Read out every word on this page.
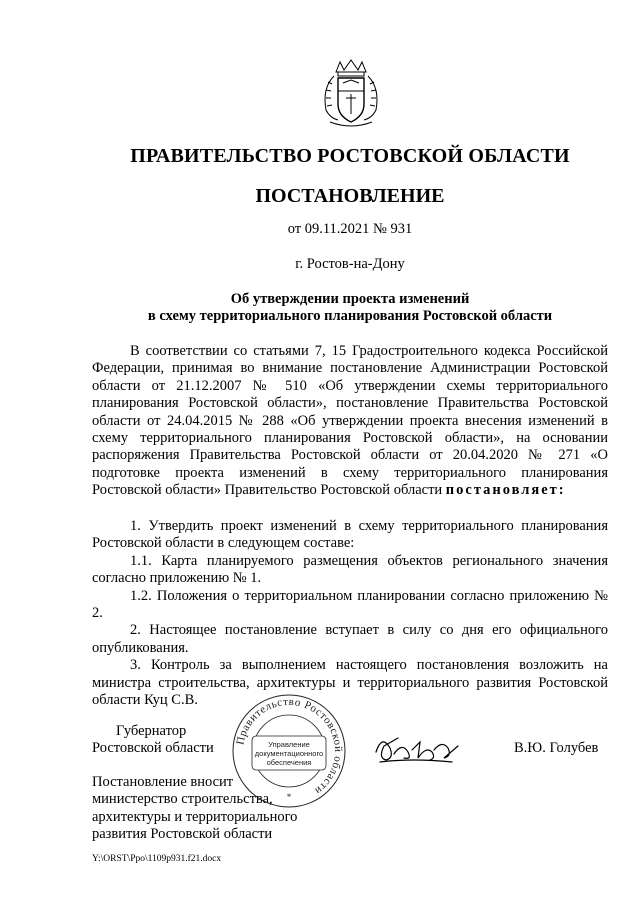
ПРАВИТЕЛЬСТВО РОСТОВСКОЙ ОБЛАСТИ
ПОСТАНОВЛЕНИЕ
от 09.11.2021 № 931
г. Ростов-на-Дону
Об утверждении проекта изменений
в схему территориального планирования Ростовской области

В соответствии со статьями 7, 15 Градостроительного кодекса Российской Федерации, принимая во внимание постановление Администрации Ростовской области от 21.12.2007 № 510 «Об утверждении схемы территориального планирования Ростовской области», постановление Правительства Ростовской области от 24.04.2015 № 288 «Об утверждении проекта внесения изменений в схему территориального планирования Ростовской области», на основании распоряжения Правительства Ростовской области от 20.04.2020 № 271 «О подготовке проекта изменений в схему территориального планирования Ростовской области» Правительство Ростовской области постановляет:

1. Утвердить проект изменений в схему территориального планирования Ростовской области в следующем составе:

1.1. Карта планируемого размещения объектов регионального значения согласно приложению № 1.

1.2. Положения о территориальном планировании согласно приложению № 2.

2. Настоящее постановление вступает в силу со дня его официального опубликования.

3. Контроль за выполнением настоящего постановления возложить на министра строительства, архитектуры и территориального развития Ростовской области Куц С.В.

Губернатор
Ростовской области	В.Ю. Голубев
Постановление вносит
министерство строительства,
архитектуры и территориального
развития Ростовской области
Правительство Ростовской области
Управление
документационного
обеспечения
*
Y:\ORST\Ppo\1109p931.f21.docx
